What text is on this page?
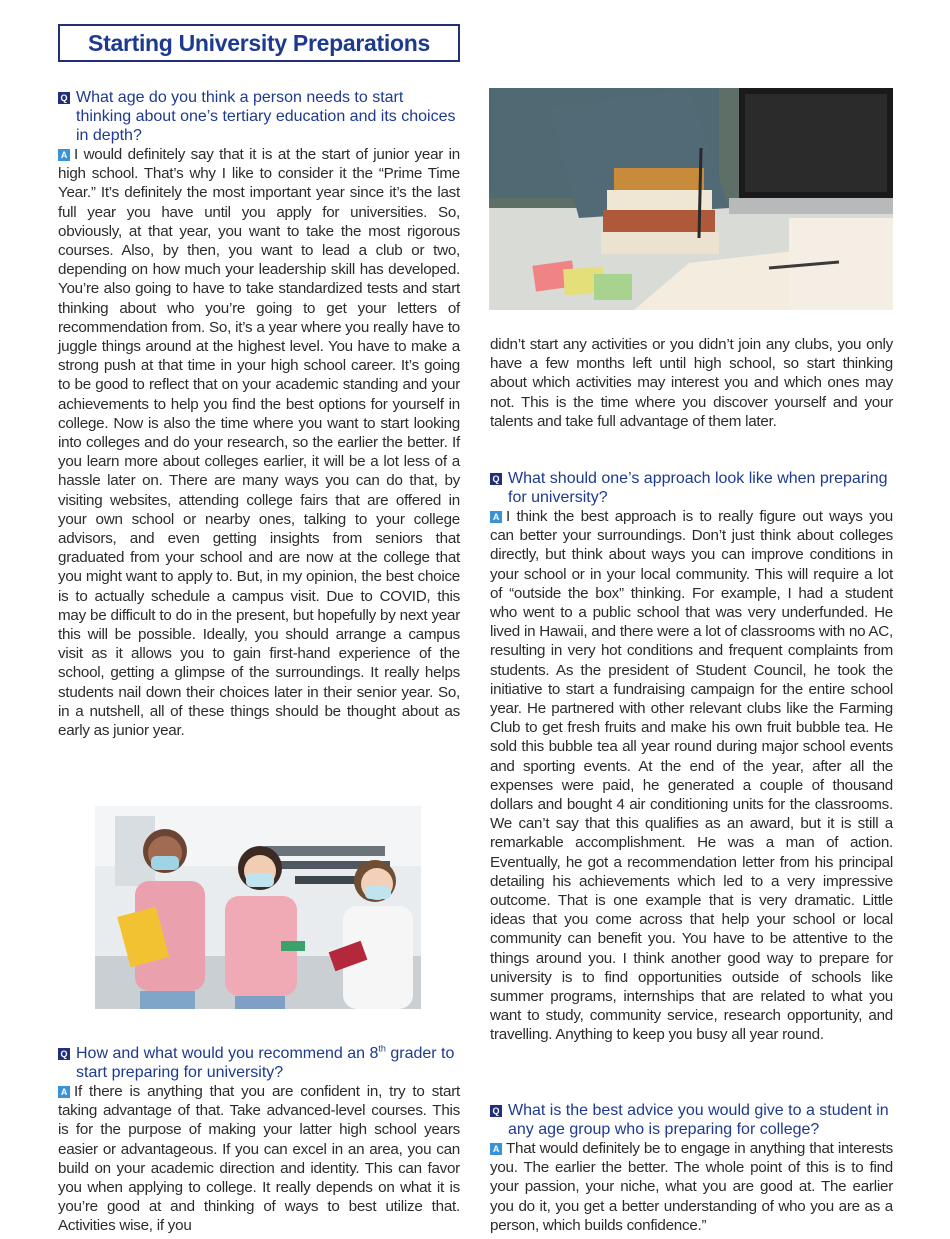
Starting University Preparations
Q What age do you think a person needs to start thinking about one’s tertiary education and its choices in depth?

A I would definitely say that it is at the start of junior year in high school. That’s why I like to consider it the “Prime Time Year.” It’s definitely the most important year since it’s the last full year you have until you apply for universities. So, obviously, at that year, you want to take the most rigorous courses. Also, by then, you want to lead a club or two, depending on how much your leadership skill has developed. You’re also going to have to take standardized tests and start thinking about who you’re going to get your letters of recommendation from. So, it’s a year where you really have to juggle things around at the highest level. You have to make a strong push at that time in your high school career. It’s going to be good to reflect that on your academic standing and your achievements to help you find the best options for yourself in college. Now is also the time where you want to start looking into colleges and do your research, so the earlier the better. If you learn more about colleges earlier, it will be a lot less of a hassle later on. There are many ways you can do that, by visiting websites, attending college fairs that are offered in your own school or nearby ones, talking to your college advisors, and even getting insights from seniors that graduated from your school and are now at the college that you might want to apply to. But, in my opinion, the best choice is to actually schedule a campus visit. Due to COVID, this may be difficult to do in the present, but hopefully by next year this will be possible. Ideally, you should arrange a campus visit as it allows you to gain first-hand experience of the school, getting a glimpse of the surroundings. It really helps students nail down their choices later in their senior year. So, in a nutshell, all of these things should be thought about as early as junior year.

Q How and what would you recommend an 8th grader to start preparing for university?

A If there is anything that you are confident in, try to start taking advantage of that. Take advanced-level courses. This is for the purpose of making your latter high school years easier or advantageous. If you can excel in an area, you can build on your academic direction and identity. This can favor you when applying to college. It really depends on what it is you’re good at and thinking of ways to best utilize that. Activities wise, if you

didn’t start any activities or you didn’t join any clubs, you only have a few months left until high school, so start thinking about which activities may interest you and which ones may not. This is the time where you discover yourself and your talents and take full advantage of them later.

Q What should one’s approach look like when preparing for university?

A I think the best approach is to really figure out ways you can better your surroundings. Don’t just think about colleges directly, but think about ways you can improve conditions in your school or in your local community. This will require a lot of “outside the box” thinking. For example, I had a student who went to a public school that was very underfunded. He lived in Hawaii, and there were a lot of classrooms with no AC, resulting in very hot conditions and frequent complaints from students. As the president of Student Council, he took the initiative to start a fundraising campaign for the entire school year. He partnered with other relevant clubs like the Farming Club to get fresh fruits and make his own fruit bubble tea. He sold this bubble tea all year round during major school events and sporting events. At the end of the year, after all the expenses were paid, he generated a couple of thousand dollars and bought 4 air conditioning units for the classrooms. We can’t say that this qualifies as an award, but it is still a remarkable accomplishment. He was a man of action. Eventually, he got a recommendation letter from his principal detailing his achievements which led to a very impressive outcome. That is one example that is very dramatic. Little ideas that you come across that help your school or local community can benefit you. You have to be attentive to the things around you. I think another good way to prepare for university is to find opportunities outside of schools like summer programs, internships that are related to what you want to study, community service, research opportunity, and travelling. Anything to keep you busy all year round.

Q What is the best advice you would give to a student in any age group who is preparing for college?

A That would definitely be to engage in anything that interests you. The earlier the better. The whole point of this is to find your passion, your niche, what you are good at. The earlier you do it, you get a better understanding of who you are as a person, which builds confidence.”
